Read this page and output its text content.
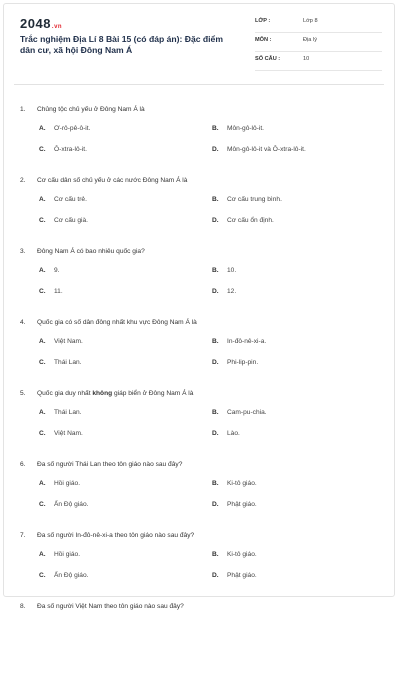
2048.vn
Trắc nghiệm Địa Lí 8 Bài 15 (có đáp án): Đặc điểm dân cư, xã hội Đông Nam Á
LỚP :	Lớp 8
MÔN :	Địa lý
SỐ CÂU :	10
1. Chủng tộc chủ yếu ở Đông Nam Á là
A. Ơ-rô-pê-ô-it.	B. Môn-gô-lô-it.
C. Ô-xtra-lô-it.	D. Môn-gô-lô-it và Ô-xtra-lô-it.
2. Cơ cấu dân số chủ yếu ở các nước Đông Nam Á là
A. Cơ cấu trẻ.	B. Cơ cấu trung bình.
C. Cơ cấu già.	D. Cơ cấu ổn định.
3. Đông Nam Á có bao nhiêu quốc gia?
A. 9.	B. 10.
C. 11.	D. 12.
4. Quốc gia có số dân đông nhất khu vực Đông Nam Á là
A. Việt Nam.	B. In-đô-nê-xi-a.
C. Thái Lan.	D. Phi-lip-pin.
5. Quốc gia duy nhất không giáp biển ở Đông Nam Á là
A. Thái Lan.	B. Cam-pu-chia.
C. Việt Nam.	D. Lào.
6. Đa số người Thái Lan theo tôn giáo nào sau đây?
A. Hồi giáo.	B. Ki-tô giáo.
C. Ấn Độ giáo.	D. Phật giáo.
7. Đa số người In-đô-nê-xi-a theo tôn giáo nào sau đây?
A. Hồi giáo.	B. Ki-tô giáo.
C. Ấn Độ giáo.	D. Phật giáo.
8. Đa số người Việt Nam theo tôn giáo nào sau đây?
